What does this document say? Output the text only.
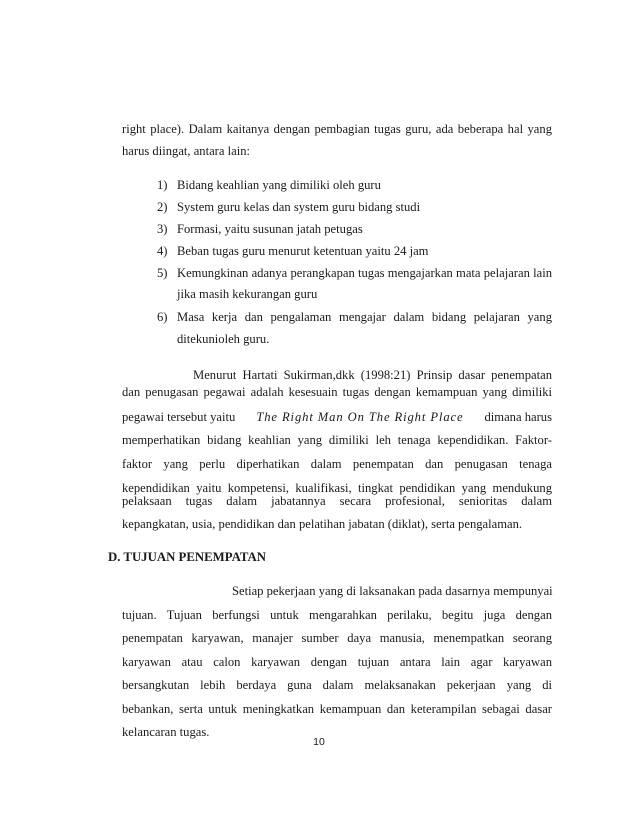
right place). Dalam kaitanya dengan pembagian tugas guru, ada beberapa hal yang
harus diingat, antara lain:
1) Bidang keahlian yang dimiliki oleh guru
2) System guru kelas dan system guru bidang studi
3) Formasi, yaitu susunan jatah petugas
4) Beban tugas guru menurut ketentuan yaitu 24 jam
5) Kemungkinan adanya perangkapan tugas mengajarkan mata pelajaran lain
jika masih kekurangan guru
6) Masa kerja dan pengalaman mengajar dalam bidang pelajaran yang
ditekunioleh guru.
Menurut Hartati Sukirman,dkk (1998:21) Prinsip dasar penempatan
dan penugasan pegawai adalah kesesuain tugas dengan kemampuan yang dimiliki
pegawai tersebut yaitu The Right Man On The Right Place dimana harus
memperhatikan bidang keahlian yang dimiliki leh tenaga kependidikan. Faktor-
faktor yang perlu diperhatikan dalam penempatan dan penugasan tenaga
kependidikan yaitu kompetensi, kualifikasi, tingkat pendidikan yang mendukung
pelaksaan tugas dalam jabatannya secara profesional, senioritas dalam
kepangkatan, usia, pendidikan dan pelatihan jabatan (diklat), serta pengalaman.
D. TUJUAN PENEMPATAN
Setiap pekerjaan yang di laksanakan pada dasarnya mempunyai
tujuan. Tujuan berfungsi untuk mengarahkan perilaku, begitu juga dengan
penempatan karyawan, manajer sumber daya manusia, menempatkan seorang
karyawan atau calon karyawan dengan tujuan antara lain agar karyawan
bersangkutan lebih berdaya guna dalam melaksanakan pekerjaan yang di
bebankan, serta untuk meningkatkan kemampuan dan keterampilan sebagai dasar
kelancaran tugas.
10
